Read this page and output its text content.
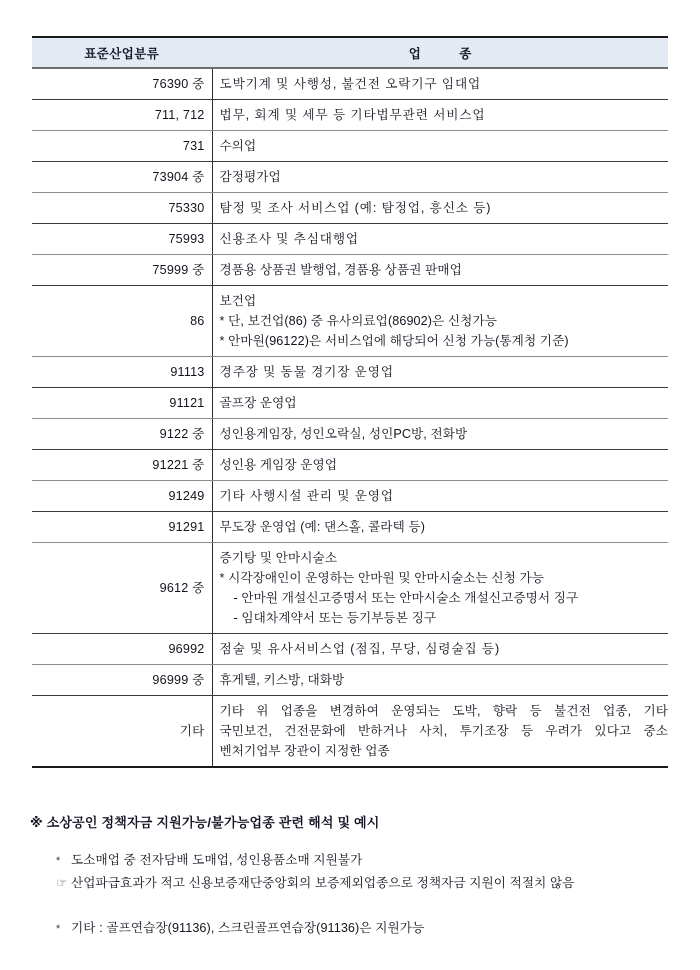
표준산업분류	업 종
76390 중	도박기계 및 사행성, 불건전 오락기구 임대업

711, 712	법무, 회계 및 세무 등 기타법무관련 서비스업

731	수의업

73904 중	감정평가업

75330	탐정 및 조사 서비스업 (예: 탐정업, 흥신소 등)

75993	신용조사 및 추심대행업

75999 중	경품용 상품권 발행업, 경품용 상품권 판매업

86	보건업
* 단, 보건업(86) 중 유사의료업(86902)은 신청가능
* 안마원(96122)은 서비스업에 해당되어 신청 가능(통계청 기준)

91113	경주장 및 동물 경기장 운영업

91121	골프장 운영업

9122 중	성인용게임장, 성인오락실, 성인PC방, 전화방

91221 중	성인용 게임장 운영업

91249	기타 사행시설 관리 및 운영업

91291	무도장 운영업 (예: 댄스홀, 콜라텍 등)

9612 중	증기탕 및 안마시술소
* 시각장애인이 운영하는 안마원 및 안마시술소는 신청 가능
- 안마원 개설신고증명서 또는 안마시술소 개설신고증명서 징구
- 임대차계약서 또는 등기부등본 징구

96992	점술 및 유사서비스업 (점집, 무당, 심령술집 등)

96999 중	휴게텔, 키스방, 대화방

기타	기타 위 업종을 변경하여 운영되는 도박, 향락 등 불건전 업종, 기타
국민보건, 건전문화에 반하거나 사치, 투기조장 등 우려가 있다고 중소
벤처기업부 장관이 지정한 업종

※ 소상공인 정책자금 지원가능/불가능업종 관련 해석 및 예시

* 도소매업 중 전자담배 도매업, 성인용품소매 지원불가

☞ 산업파급효과가 적고 신용보증재단중앙회의 보증제외업종으로 정책자금 지원이 적절치 않음

* 기타 : 골프연습장(91136), 스크린골프연습장(91136)은 지원가능
